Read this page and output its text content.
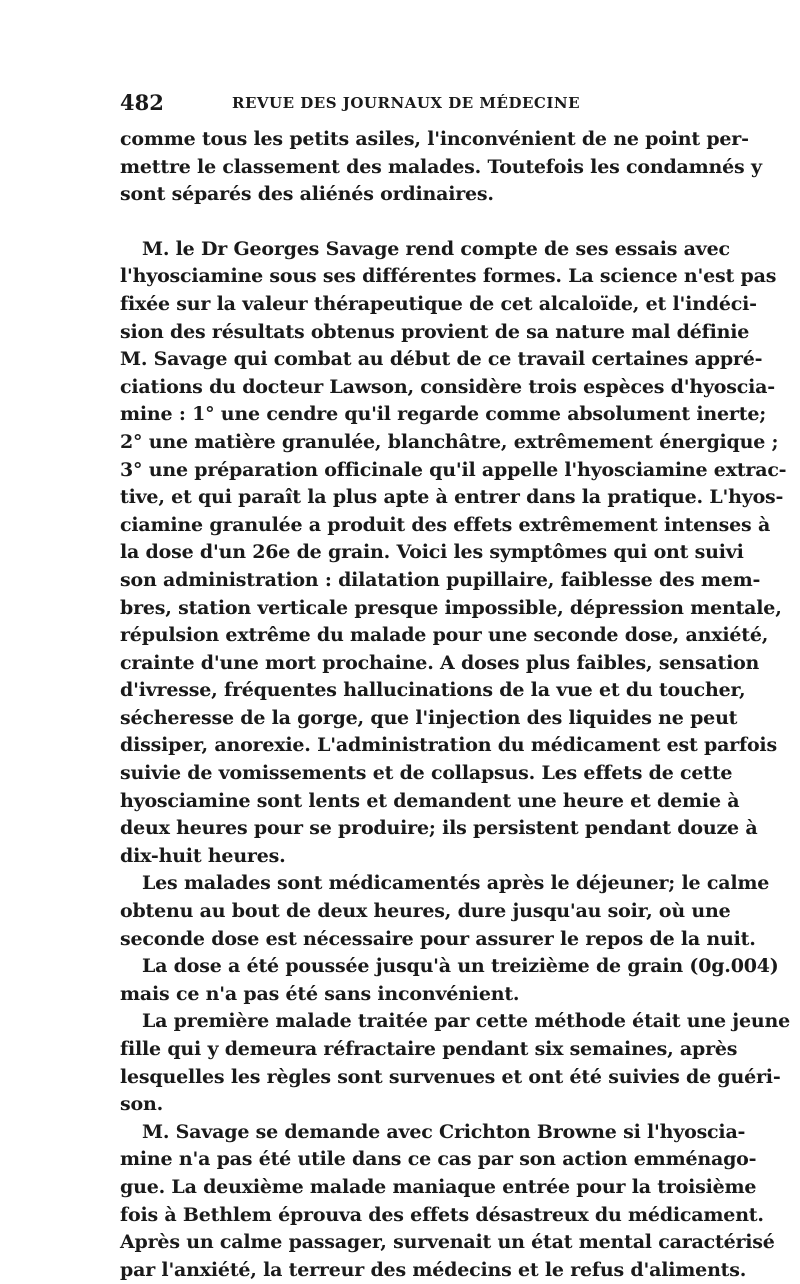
482	REVUE DES JOURNAUX DE MÉDECINE

comme tous les petits asiles, l'inconvénient de ne point per-
mettre le classement des malades. Toutefois les condamnés y
sont séparés des aliénés ordinaires.

M. le Dr Georges Savage rend compte de ses essais avec
l'hyosciamine sous ses différentes formes. La science n'est pas
fixée sur la valeur thérapeutique de cet alcaloïde, et l'indéci-
sion des résultats obtenus provient de sa nature mal définie
M. Savage qui combat au début de ce travail certaines appré-
ciations du docteur Lawson, considère trois espèces d'hyoscia-
mine : 1° une cendre qu'il regarde comme absolument inerte;
2° une matière granulée, blanchâtre, extrêmement énergique ;
3° une préparation officinale qu'il appelle l'hyosciamine extrac-
tive, et qui paraît la plus apte à entrer dans la pratique. L'hyos-
ciamine granulée a produit des effets extrêmement intenses à
la dose d'un 26e de grain. Voici les symptômes qui ont suivi
son administration : dilatation pupillaire, faiblesse des mem-
bres, station verticale presque impossible, dépression mentale,
répulsion extrême du malade pour une seconde dose, anxiété,
crainte d'une mort prochaine. A doses plus faibles, sensation
d'ivresse, fréquentes hallucinations de la vue et du toucher,
sécheresse de la gorge, que l'injection des liquides ne peut
dissiper, anorexie. L'administration du médicament est parfois
suivie de vomissements et de collapsus. Les effets de cette
hyosciamine sont lents et demandent une heure et demie à
deux heures pour se produire; ils persistent pendant douze à
dix-huit heures.

Les malades sont médicamentés après le déjeuner; le calme
obtenu au bout de deux heures, dure jusqu'au soir, où une
seconde dose est nécessaire pour assurer le repos de la nuit.

La dose a été poussée jusqu'à un treizième de grain (0g.004)
mais ce n'a pas été sans inconvénient.

La première malade traitée par cette méthode était une jeune
fille qui y demeura réfractaire pendant six semaines, après
lesquelles les règles sont survenues et ont été suivies de guéri-
son.

M. Savage se demande avec Crichton Browne si l'hyoscia-
mine n'a pas été utile dans ce cas par son action emménago-
gue. La deuxième malade maniaque entrée pour la troisième
fois à Bethlem éprouva des effets désastreux du médicament.
Après un calme passager, survenait un état mental caractérisé
par l'anxiété, la terreur des médecins et le refus d'aliments.
